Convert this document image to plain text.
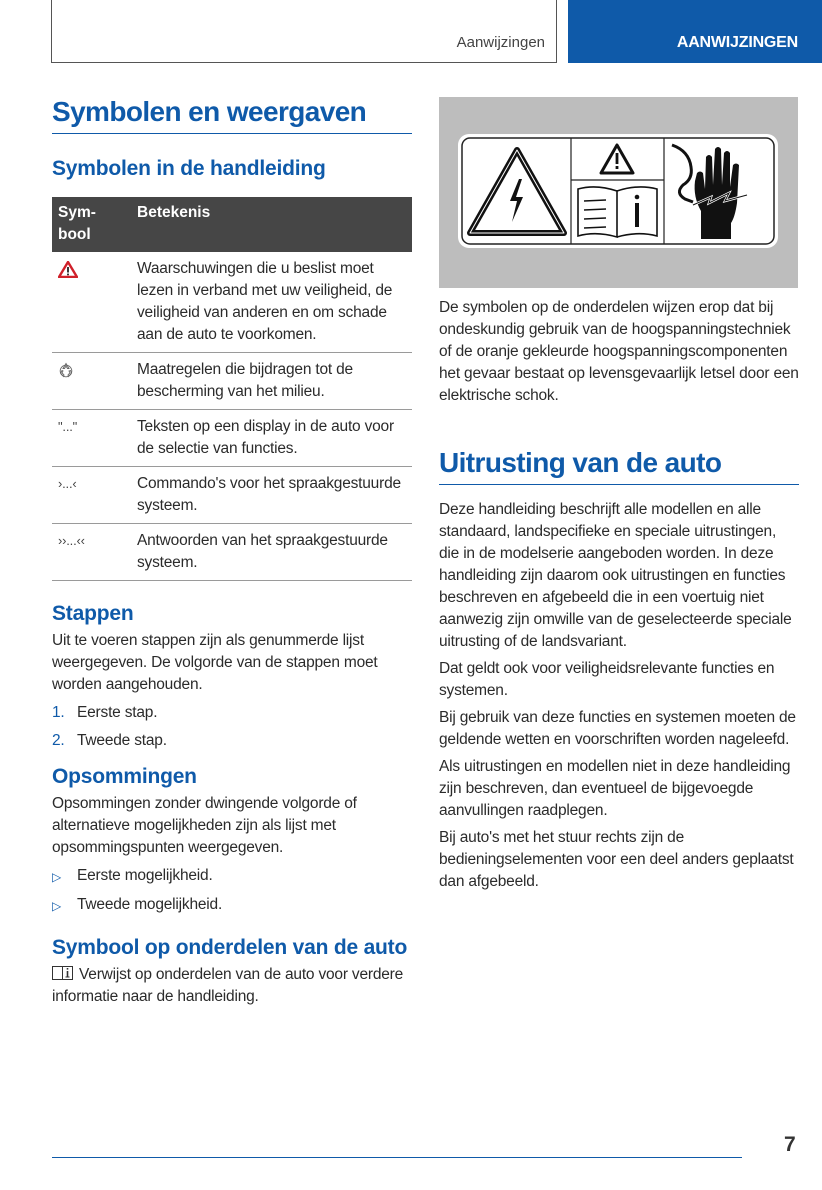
Aanwijzingen	AANWIJZINGEN
Symbolen en weergaven
Symbolen in de handleiding
Sym-
bool	Betekenis
	Waarschuwingen die u beslist moet lezen in verband met uw veiligheid, de veiligheid van anderen en om schade aan de auto te voorkomen.
	Maatregelen die bijdragen tot de bescherming van het milieu.
"..."	Teksten op een display in de auto voor de selectie van functies.
›...‹	Commando's voor het spraakgestuurde systeem.
››...‹‹	Antwoorden van het spraakgestuurde systeem.
Stappen

Uit te voeren stappen zijn als genummerde lijst weergegeven. De volgorde van de stappen moet worden aangehouden.

1. Eerste stap.
2. Tweede stap.
Opsommingen

Opsommingen zonder dwingende volgorde of alternatieve mogelijkheden zijn als lijst met opsommingspunten weergegeven.

▷	Eerste mogelijkheid.
▷	Tweede mogelijkheid.
Symbool op onderdelen van de auto

Verwijst op onderdelen van de auto voor verdere informatie naar de handleiding.

De symbolen op de onderdelen wijzen erop dat bij ondeskundig gebruik van de hoogspanningstechniek of de oranje gekleurde hoogspanningscomponenten het gevaar bestaat op levensgevaarlijk letsel door een elektrische schok.

Uitrusting van de auto

Deze handleiding beschrijft alle modellen en alle standaard, landspecifieke en speciale uitrustingen, die in de modelserie aangeboden worden. In deze handleiding zijn daarom ook uitrustingen en functies beschreven en afgebeeld die in een voertuig niet aanwezig zijn omwille van de geselecteerde speciale uitrusting of de landsvariant.

Dat geldt ook voor veiligheidsrelevante functies en systemen.

Bij gebruik van deze functies en systemen moeten de geldende wetten en voorschriften worden nageleefd.

Als uitrustingen en modellen niet in deze handleiding zijn beschreven, dan eventueel de bijgevoegde aanvullingen raadplegen.

Bij auto's met het stuur rechts zijn de bedieningselementen voor een deel anders geplaatst dan afgebeeld.

7
